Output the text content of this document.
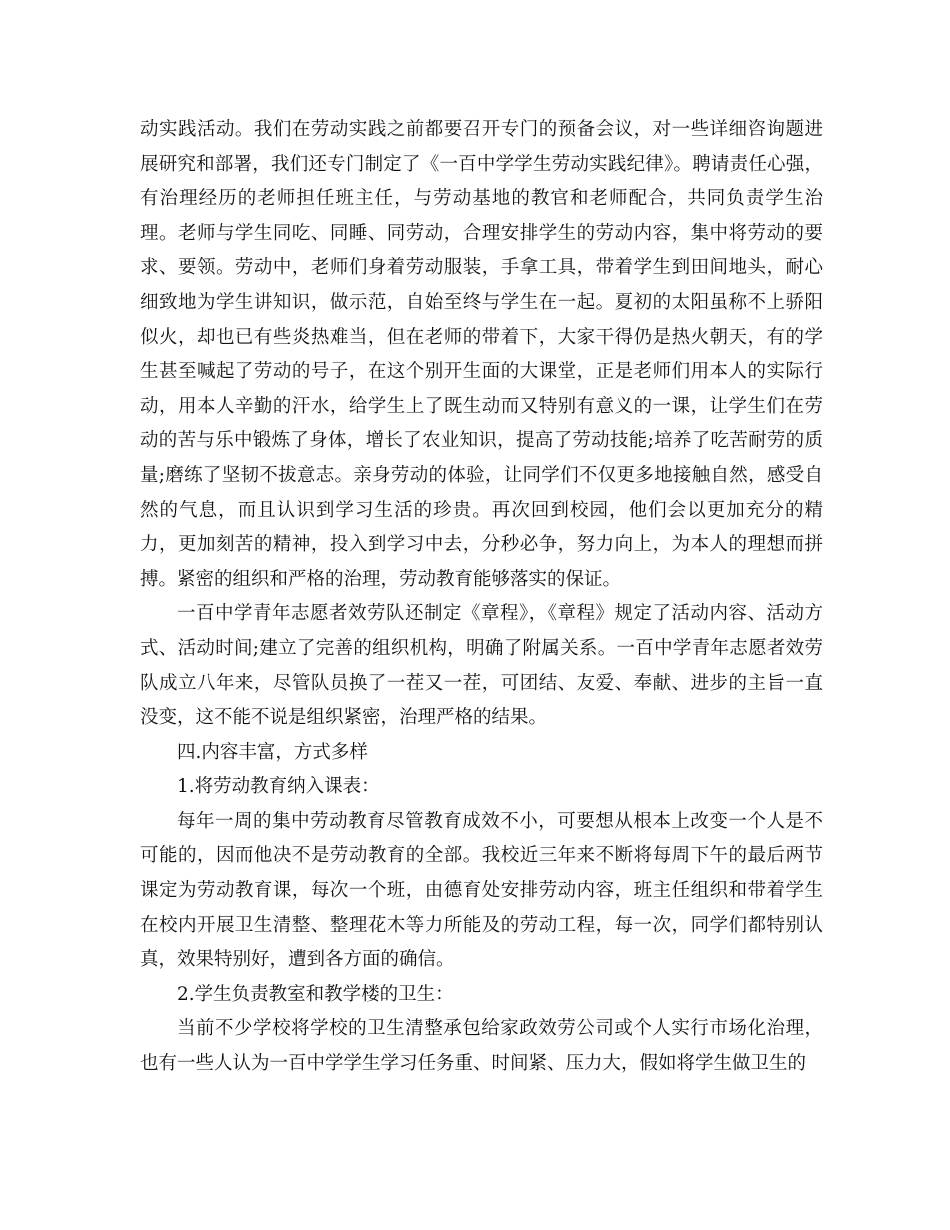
动实践活动。我们在劳动实践之前都要召开专门的预备会议，对一些详细咨询题进展研究和部署，我们还专门制定了《一百中学学生劳动实践纪律》。聘请责任心强，有治理经历的老师担任班主任，与劳动基地的教官和老师配合，共同负责学生治理。老师与学生同吃、同睡、同劳动，合理安排学生的劳动内容，集中将劳动的要求、要领。劳动中，老师们身着劳动服装，手拿工具，带着学生到田间地头，耐心细致地为学生讲知识，做示范，自始至终与学生在一起。夏初的太阳虽称不上骄阳似火，却也已有些炎热难当，但在老师的带着下，大家干得仍是热火朝天，有的学生甚至喊起了劳动的号子，在这个别开生面的大课堂，正是老师们用本人的实际行动，用本人辛勤的汗水，给学生上了既生动而又特别有意义的一课，让学生们在劳动的苦与乐中锻炼了身体，增长了农业知识，提高了劳动技能;培养了吃苦耐劳的质量;磨练了坚韧不拔意志。亲身劳动的体验，让同学们不仅更多地接触自然，感受自然的气息，而且认识到学习生活的珍贵。再次回到校园，他们会以更加充分的精力，更加刻苦的精神，投入到学习中去，分秒必争，努力向上，为本人的理想而拼搏。紧密的组织和严格的治理，劳动教育能够落实的保证。

一百中学青年志愿者效劳队还制定《章程》，《章程》规定了活动内容、活动方式、活动时间;建立了完善的组织机构，明确了附属关系。一百中学青年志愿者效劳队成立八年来，尽管队员换了一茬又一茬，可团结、友爱、奉献、进步的主旨一直没变，这不能不说是组织紧密，治理严格的结果。

四.内容丰富，方式多样

1.将劳动教育纳入课表：

每年一周的集中劳动教育尽管教育成效不小，可要想从根本上改变一个人是不可能的，因而他决不是劳动教育的全部。我校近三年来不断将每周下午的最后两节课定为劳动教育课，每次一个班，由德育处安排劳动内容，班主任组织和带着学生在校内开展卫生清整、整理花木等力所能及的劳动工程，每一次，同学们都特别认真，效果特别好，遭到各方面的确信。

2.学生负责教室和教学楼的卫生：

当前不少学校将学校的卫生清整承包给家政效劳公司或个人实行市场化治理，也有一些人认为一百中学学生学习任务重、时间紧、压力大，假如将学生做卫生的
